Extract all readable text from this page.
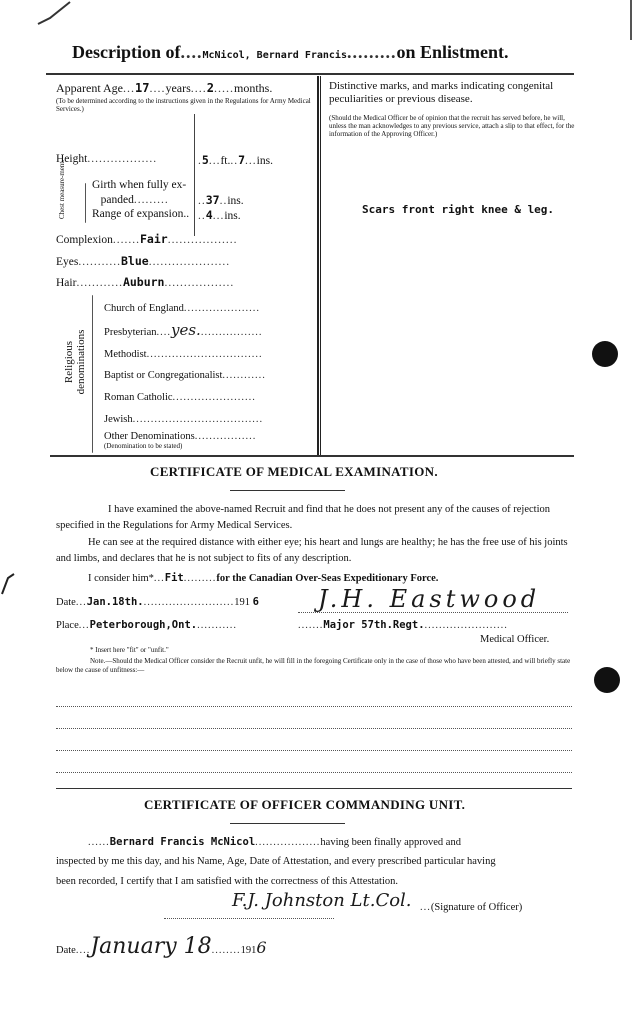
Description of....McNicol, Bernard Francis.........on Enlistment.
Apparent Age...17....years....2.....months.
(To be determined according to the instructions given in the Regulations for Army Medical Services.)
Height..................	.5...ft...7...ins.
Chest measure-ment. Girth when fully ex-
panded.........	..37..ins.
Range of expansion.. ..4...ins.
Complexion.......Fair..................
Eyes...........Blue.....................
Hair............Auburn..................
Religious
denominations
Church of England.....................
Presbyterian....yes..................
Methodist................................
Baptist or Congregationalist............
Roman Catholic.......................
Jewish....................................
Other Denominations.................
(Denomination to be stated)
Distinctive marks, and marks indicating congenital
peculiarities or previous disease.
(Should the Medical Officer be of opinion that the recruit has served before, he will, unless the man acknowledges to any previous service, attach a slip to that effect, for the information of the Approving Officer.)
Scars front right knee & leg.
CERTIFICATE OF MEDICAL EXAMINATION.
I have examined the above-named Recruit and find that he does not present any of the causes of rejection specified in the Regulations for Army Medical Services.
He can see at the required distance with either eye; his heart and lungs are healthy; he has the free use of his joints and limbs, and declares that he is not subject to fits of any description.
I consider him*...Fit.........for the Canadian Over-Seas Expeditionary Force.
Date...Jan.18th..........................191 6 J.H. Eastwood
Place...Peterborough,Ont............	.......Major 57th.Regt........................
Medical Officer.
* Insert here "fit" or "unfit."
Note.—Should the Medical Officer consider the Recruit unfit, he will fill in the foregoing Certificate only in the case of those who have been attested, and will briefly state below the cause of unfitness:—
CERTIFICATE OF OFFICER COMMANDING UNIT.
......Bernard Francis McNicol..................having been finally approved and
inspected by me this day, and his Name, Age, Date of Attestation, and every prescribed particular having
been recorded, I certify that I am satisfied with the correctness of this Attestation.
F.J. Johnston Lt.Col. ...(Signature of Officer)
Date....January 18........1916
